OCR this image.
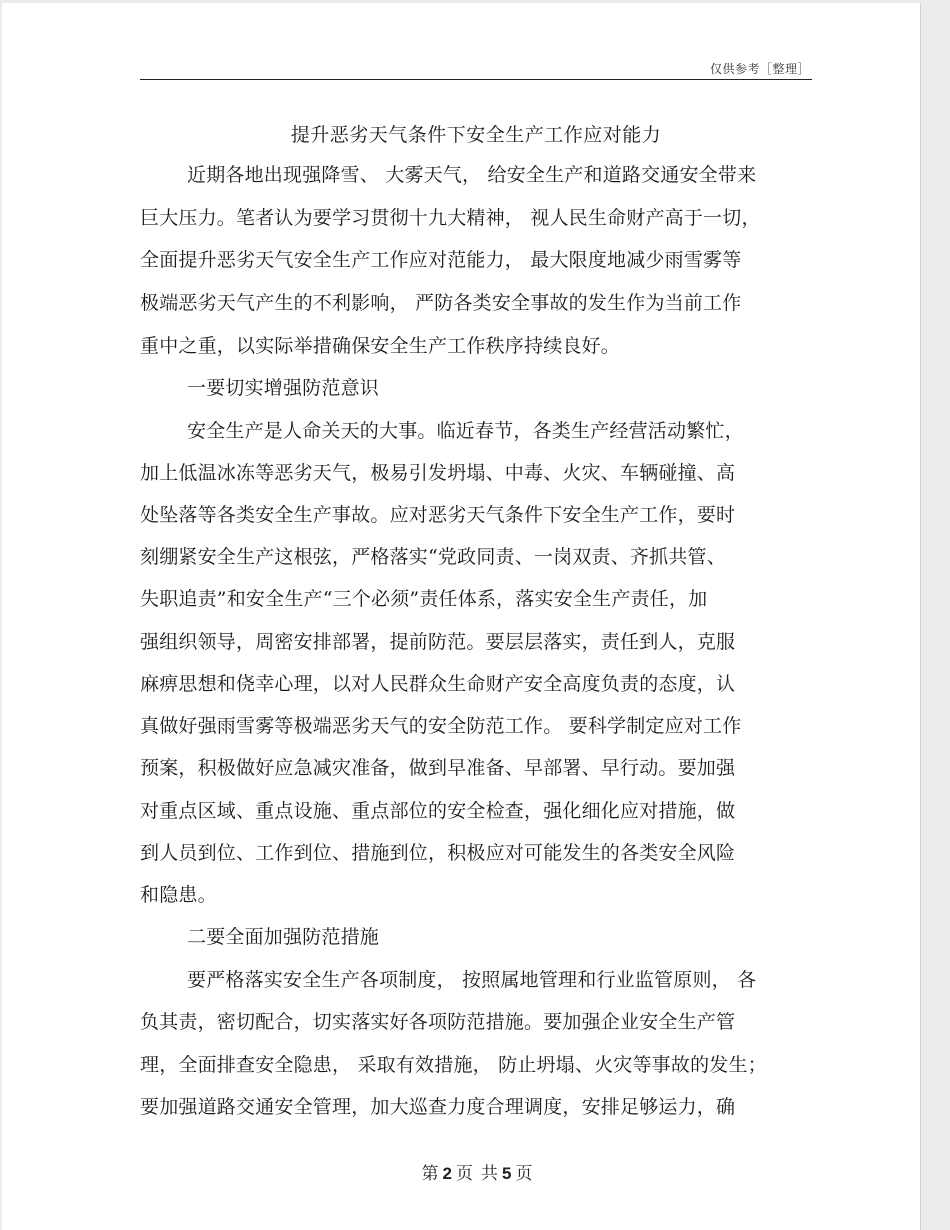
仅供参考［整理］
提升恶劣天气条件下安全生产工作应对能力
近期各地出现强降雪、 大雾天气， 给安全生产和道路交通安全带来
巨大压力。笔者认为要学习贯彻十九大精神， 视人民生命财产高于一切，
全面提升恶劣天气安全生产工作应对范能力， 最大限度地减少雨雪雾等
极端恶劣天气产生的不利影响， 严防各类安全事故的发生作为当前工作
重中之重，以实际举措确保安全生产工作秩序持续良好。
一要切实增强防范意识
安全生产是人命关天的大事。临近春节，各类生产经营活动繁忙，
加上低温冰冻等恶劣天气，极易引发坍塌、中毒、火灾、车辆碰撞、高
处坠落等各类安全生产事故。应对恶劣天气条件下安全生产工作，要时
刻绷紧安全生产这根弦，严格落实“党政同责、一岗双责、齐抓共管、
失职追责”和安全生产“三个必须”责任体系，落实安全生产责任，加
强组织领导，周密安排部署，提前防范。要层层落实，责任到人，克服
麻痹思想和侥幸心理，以对人民群众生命财产安全高度负责的态度，认
真做好强雨雪雾等极端恶劣天气的安全防范工作。 要科学制定应对工作
预案，积极做好应急减灾准备，做到早准备、早部署、早行动。要加强
对重点区域、重点设施、重点部位的安全检查，强化细化应对措施，做
到人员到位、工作到位、措施到位，积极应对可能发生的各类安全风险
和隐患。
二要全面加强防范措施
要严格落实安全生产各项制度， 按照属地管理和行业监管原则， 各
负其责，密切配合，切实落实好各项防范措施。要加强企业安全生产管
理，全面排查安全隐患， 采取有效措施， 防止坍塌、火灾等事故的发生；
要加强道路交通安全管理，加大巡查力度合理调度，安排足够运力，确
第 2 页 共 5 页
